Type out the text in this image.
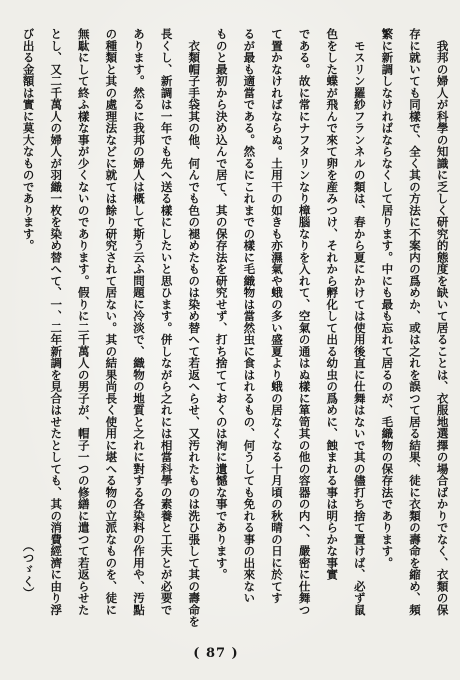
　我邦の婦人が科學の知識に乏しく研究的態度を缺いて居ることは、衣服地選擇の場合ばかりでなく、衣類の保
存に就いても同樣で、全く其の方法に不案内の爲めか、或は之れを誤つて居る結果、徒に衣類の壽命を縮め、頻
繁に新調しなければならなくして居ります。中にも最も忘れて居るのが、毛織物の保存法であります。
　モスリン羅紗フランネルの類は、春から夏にかけては使用後直に仕舞はないで其の儘打ち捨て置けば、必ず鼠
色をした蝶が飛んで來て卵を産みつけ、それから孵化して出る幼虫の爲めに、蝕まれる事は明らかな事實
である。故に常にナフタリンなり樟腦なりを入れて、空氣の通はぬ樣に箪笥其の他の容器の内へ、嚴密に仕舞つ
て置かなければならぬ。土用干の如きも亦濕氣や蛾の多い盛夏より蛾の居なくなる十月頃の秋晴の日に於てす
るが最も適當である。然るにこれまでの樣に毛織物は當然虫に食はれるもの、何うしても免れる事の出來ない
ものと最初から決め込んで居て、其の保存法を研究せず、打ち捨てておくのは洵に遺憾な事であります。
　衣類帽子手袋其の他、何んでも色の褪めたものは染め替へて若返へらせ、又汚れたものは洗ひ張して其の壽命を
長くし、新調は一年でも先へ送る樣にしたいと思ひます。併しながら之れには相當科學の素養と工夫とが必要で
あります。然るに我邦の婦人は概して斯う云ふ問題に冷淡で、織物の地質と之れに對する各染料の作用や、汚點
の種類と其の處理法などに就ては餘り研究されて居ない。其の結果尚長く使用に堪へる物の立派なものを、徒に
無駄にして終ふ樣な事が少くないのであります。假りに二千萬人の男子が、帽子一つの修繕に遣つて若返らせた
とし、又二千萬人の婦人が羽織一枚を染め替へて、一、二年新調を見合はせたとしても、其の消費經濟に由り浮
び出る金額は實に莫大なものであります。
（つゞく）
( 87 )
